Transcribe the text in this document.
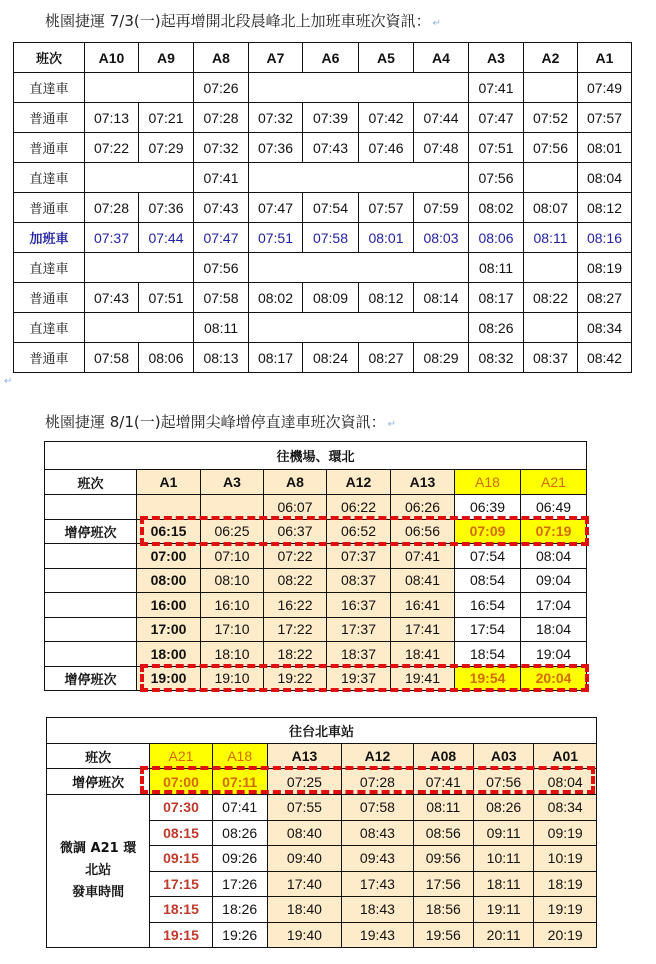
桃園捷運 7/3(一)起再增開北段晨峰北上加班車班次資訊： ↵
班次	A10	A9	A8	A7	A6	A5	A4	A3	A2	A1
直達車			07:26					07:41		07:49
普通車	07:13	07:21	07:28	07:32	07:39	07:42	07:44	07:47	07:52	07:57
普通車	07:22	07:29	07:32	07:36	07:43	07:46	07:48	07:51	07:56	08:01
直達車			07:41					07:56		08:04
普通車	07:28	07:36	07:43	07:47	07:54	07:57	07:59	08:02	08:07	08:12
加班車	07:37	07:44	07:47	07:51	07:58	08:01	08:03	08:06	08:11	08:16
直達車			07:56					08:11		08:19
普通車	07:43	07:51	07:58	08:02	08:09	08:12	08:14	08:17	08:22	08:27
直達車			08:11					08:26		08:34
普通車	07:58	08:06	08:13	08:17	08:24	08:27	08:29	08:32	08:37	08:42
↵
桃園捷運 8/1(一)起增開尖峰增停直達車班次資訊： ↵
往機場、環北							
班次	A1	A3	A8	A12	A13	A18	A21
			06:07	06:22	06:26	06:39	06:49
增停班次	06:15	06:25	06:37	06:52	06:56	07:09	07:19
	07:00	07:10	07:22	07:37	07:41	07:54	08:04
	08:00	08:10	08:22	08:37	08:41	08:54	09:04
	16:00	16:10	16:22	16:37	16:41	16:54	17:04
	17:00	17:10	17:22	17:37	17:41	17:54	18:04
	18:00	18:10	18:22	18:37	18:41	18:54	19:04
增停班次	19:00	19:10	19:22	19:37	19:41	19:54	20:04
往台北車站							
班次	A21	A18	A13	A12	A08	A03	A01
增停班次	07:00	07:11	07:25	07:28	07:41	07:56	08:04

微調 A21 環
北站
發車時間	07:30	07:41	07:55	07:58	08:11	08:26	08:34
	08:15	08:26	08:40	08:43	08:56	09:11	09:19
	09:15	09:26	09:40	09:43	09:56	10:11	10:19
	17:15	17:26	17:40	17:43	17:56	18:11	18:19
	18:15	18:26	18:40	18:43	18:56	19:11	19:19
	19:15	19:26	19:40	19:43	19:56	20:11	20:19
